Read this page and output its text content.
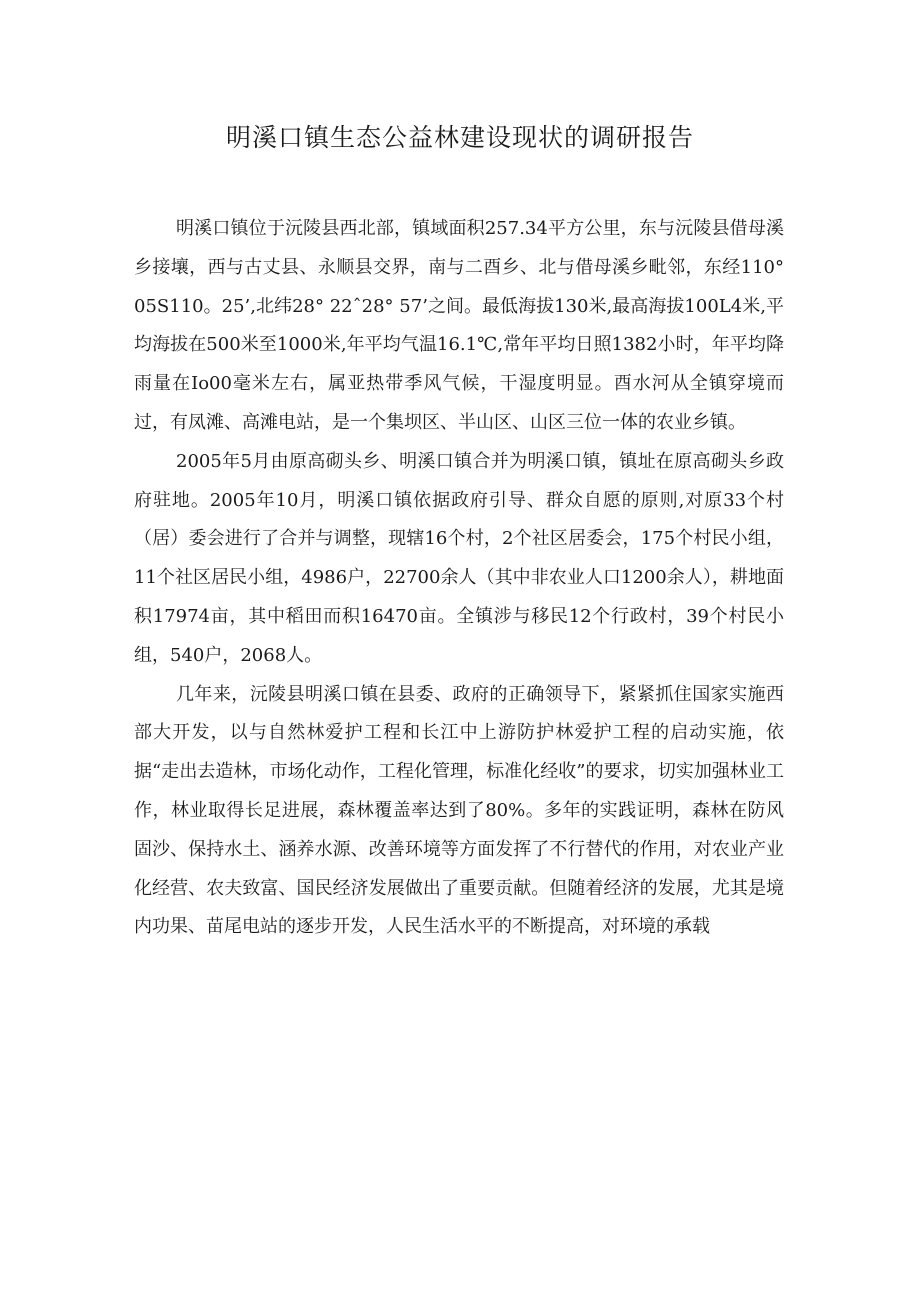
明溪口镇生态公益林建设现状的调研报告

明溪口镇位于沅陵县西北部，镇域面积257.34平方公里，东与沅陵县借母溪乡接壤，西与古丈县、永顺县交界，南与二酉乡、北与借母溪乡毗邻，东经110° 05S110。25’,北纬28° 22ˆ28° 57’之间。最低海拔130米,最高海拔100L4米,平均海拔在500米至1000米,年平均气温16.1℃,常年平均日照1382小时，年平均降雨量在Io00毫米左右，属亚热带季风气候，干湿度明显。酉水河从全镇穿境而过，有凤滩、高滩电站，是一个集坝区、半山区、山区三位一体的农业乡镇。

2005年5月由原高砌头乡、明溪口镇合并为明溪口镇，镇址在原高砌头乡政府驻地。2005年10月，明溪口镇依据政府引导、群众自愿的原则,对原33个村（居）委会进行了合并与调整，现辖16个村，2个社区居委会，175个村民小组，11个社区居民小组，4986户，22700余人（其中非农业人口1200余人），耕地面积17974亩，其中稻田而积16470亩。全镇涉与移民12个行政村，39个村民小组，540户，2068人。

几年来，沅陵县明溪口镇在县委、政府的正确领导下，紧紧抓住国家实施西部大开发，以与自然林爱护工程和长江中上游防护林爱护工程的启动实施，依据“走出去造林，市场化动作，工程化管理，标准化经收”的要求，切实加强林业工作，林业取得长足进展，森林覆盖率达到了80%。多年的实践证明，森林在防风固沙、保持水土、涵养水源、改善环境等方面发挥了不行替代的作用，对农业产业化经营、农夫致富、国民经济发展做出了重要贡献。但随着经济的发展，尤其是境内功果、苗尾电站的逐步开发，人民生活水平的不断提高，对环境的承载
